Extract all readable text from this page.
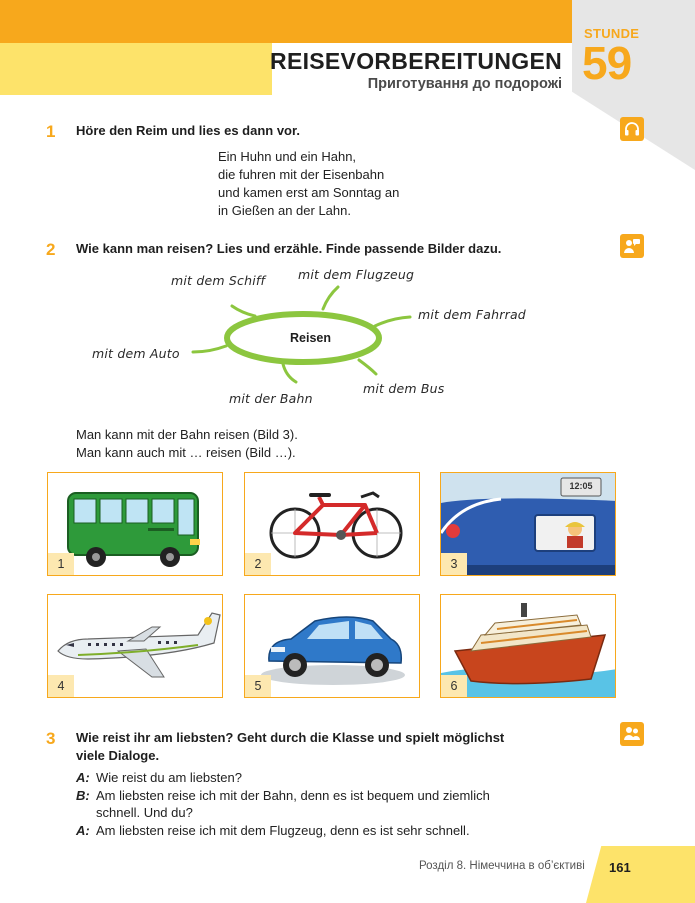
REISEVORBEREITUNGEN
Приготування до подорожі
STUNDE
59
1 Höre den Reim und lies es dann vor.
Ein Huhn und ein Hahn,
die fuhren mit der Eisenbahn
und kamen erst am Sonntag an
in Gießen an der Lahn.
2 Wie kann man reisen? Lies und erzähle. Finde passende Bilder dazu.
Reisen
mit dem Schiff	mit dem Flugzeug
mit dem Fahrrad
mit dem Auto
mit der Bahn
mit dem Bus
Man kann mit der Bahn reisen (Bild 3).
Man kann auch mit … reisen (Bild …).
1	2
12:05
3
4	5	6
3 Wie reist ihr am liebsten? Geht durch die Klasse und spielt möglichst
viele Dialoge.
A: Wie reist du am liebsten?
B: Am liebsten reise ich mit der Bahn, denn es ist bequem und ziemlich
schnell. Und du?
A: Am liebsten reise ich mit dem Flugzeug, denn es ist sehr schnell.
Розділ 8. Німеччина в об’єктиві 161
